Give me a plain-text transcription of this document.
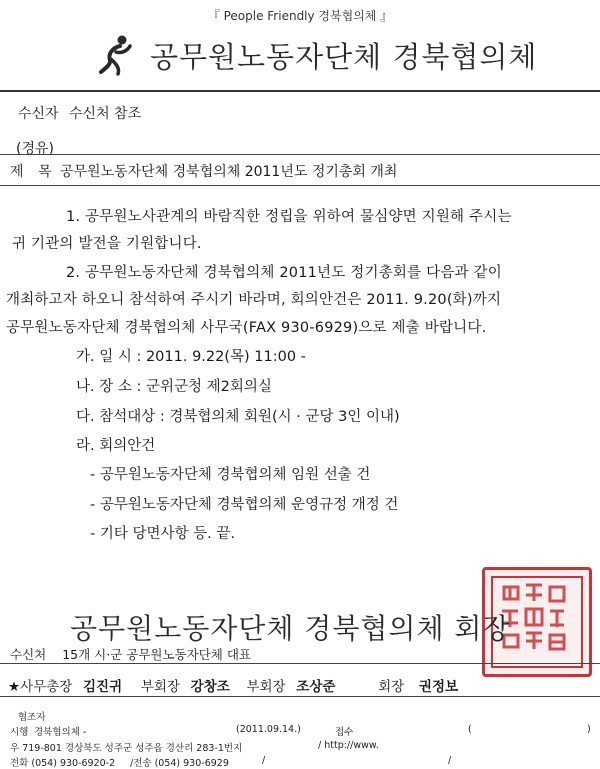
『 People Friendly 경북협의체 』
공무원노동자단체 경북협의체
수신자 수신처 참조
(경유)
제 목 공무원노동자단체 경북협의체 2011년도 정기총회 개최
1. 공무원노사관계의 바람직한 정립을 위하여 물심양면 지원해 주시는
귀 기관의 발전을 기원합니다.
2. 공무원노동자단체 경북협의체 2011년도 정기총회를 다음과 같이
개최하고자 하오니 참석하여 주시기 바라며, 회의안건은 2011. 9.20(화)까지
공무원노동자단체 경북협의체 사무국(FAX 930-6929)으로 제출 바랍니다.
가. 일 시 : 2011. 9.22(목) 11:00 -
나. 장 소 : 군위군청 제2회의실
다. 참석대상 : 경북협의체 회원(시 · 군당 3인 이내)
라. 회의안건
- 공무원노동자단체 경북협의체 임원 선출 건
- 공무원노동자단체 경북협의체 운영규정 개정 건
- 기타 당면사항 등. 끝.
공무원노동자단체 경북협의체 회장
수신처 15개 시·군 공무원노동자단체 대표
★사무총장 김진귀 부회장 강창조 부회장 조상준	회장 권정보
협조자
시행 경북협의체 -	(2011.09.14.)	접수	(	)
우 719-801 경상북도 성주군 성주읍 경산리 283-1번지	/ http://www.
전화 (054) 930-6920-2 /전송 (054) 930-6929	/	/
